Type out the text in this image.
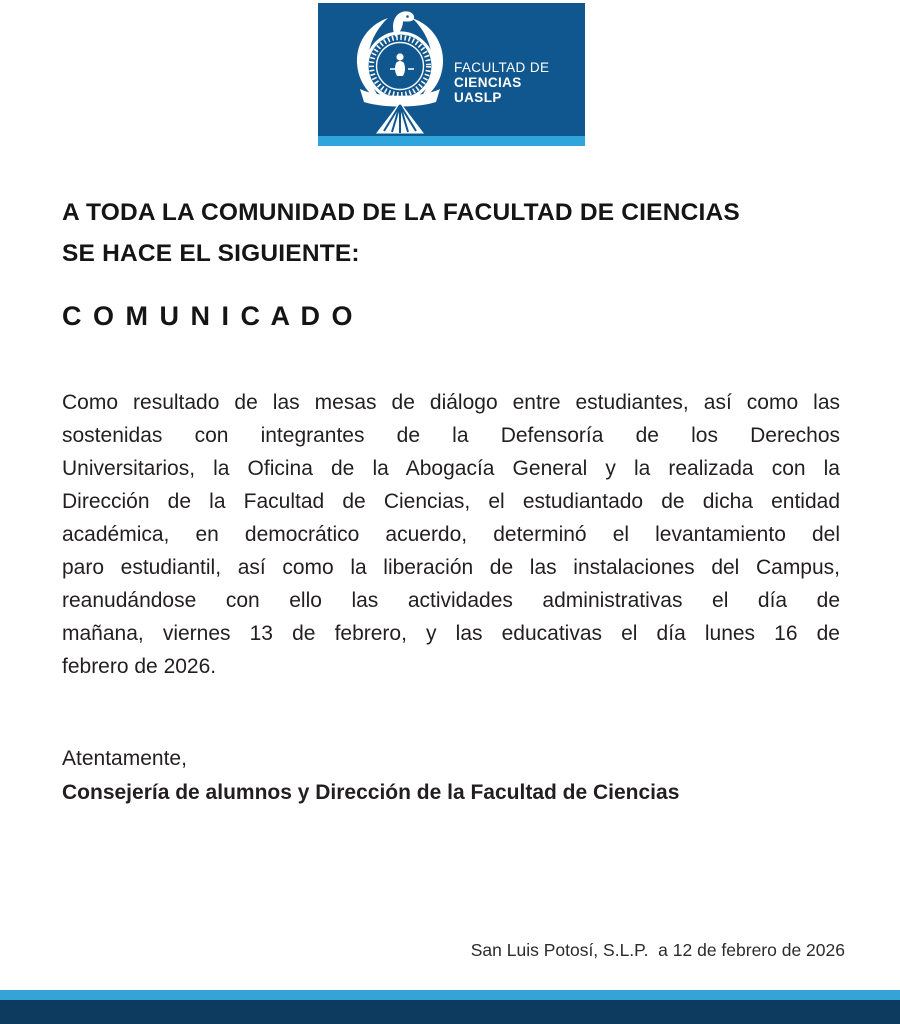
FACULTAD DE
CIENCIAS
UASLP
A TODA LA COMUNIDAD DE LA FACULTAD DE CIENCIAS
SE HACE EL SIGUIENTE:
C O M U N I C A D O
Como resultado de las mesas de diálogo entre estudiantes, así como las
sostenidas con integrantes de la Defensoría de los Derechos
Universitarios, la Oficina de la Abogacía General y la realizada con la
Dirección de la Facultad de Ciencias, el estudiantado de dicha entidad
académica, en democrático acuerdo, determinó el levantamiento del
paro estudiantil, así como la liberación de las instalaciones del Campus,
reanudándose con ello las actividades administrativas el día de
mañana, viernes 13 de febrero, y las educativas el día lunes 16 de
febrero de 2026.
Atentamente,
Consejería de alumnos y Dirección de la Facultad de Ciencias
San Luis Potosí, S.L.P.  a 12 de febrero de 2026
